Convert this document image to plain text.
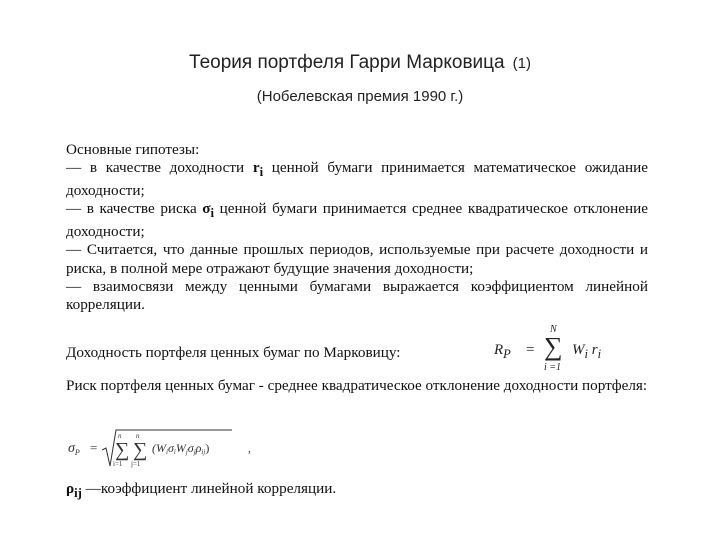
Теория портфеля Гарри Марковица (1)
(Нобелевская премия 1990 г.)

Основные гипотезы:

— в качестве доходности $r_i$ ценной бумаги принимается математическое ожидание доходности;

— в качестве риска $\sigma_i$ ценной бумаги принимается среднее квадратическое отклонение доходности;

— Считается, что данные прошлых периодов, используемые при расчете доходности и риска, в полной мере отражают будущие значения доходности;

— взаимосвязи между ценными бумагами выражается коэффициентом линейной корреляции.

Доходность портфеля ценных бумаг по Марковицу:	$R_P$ =
N
∑
i =1
$W_i$ $r_i$

Риск портфеля ценных бумаг - среднее квадратическое отклонение доходности портфеля:

$\sigma_P$ =
n
∑
i=1
n
∑
j=1
(WiσiWjσjρij)	,
$\rho_{ij}$ —коэффициент линейной корреляции.
